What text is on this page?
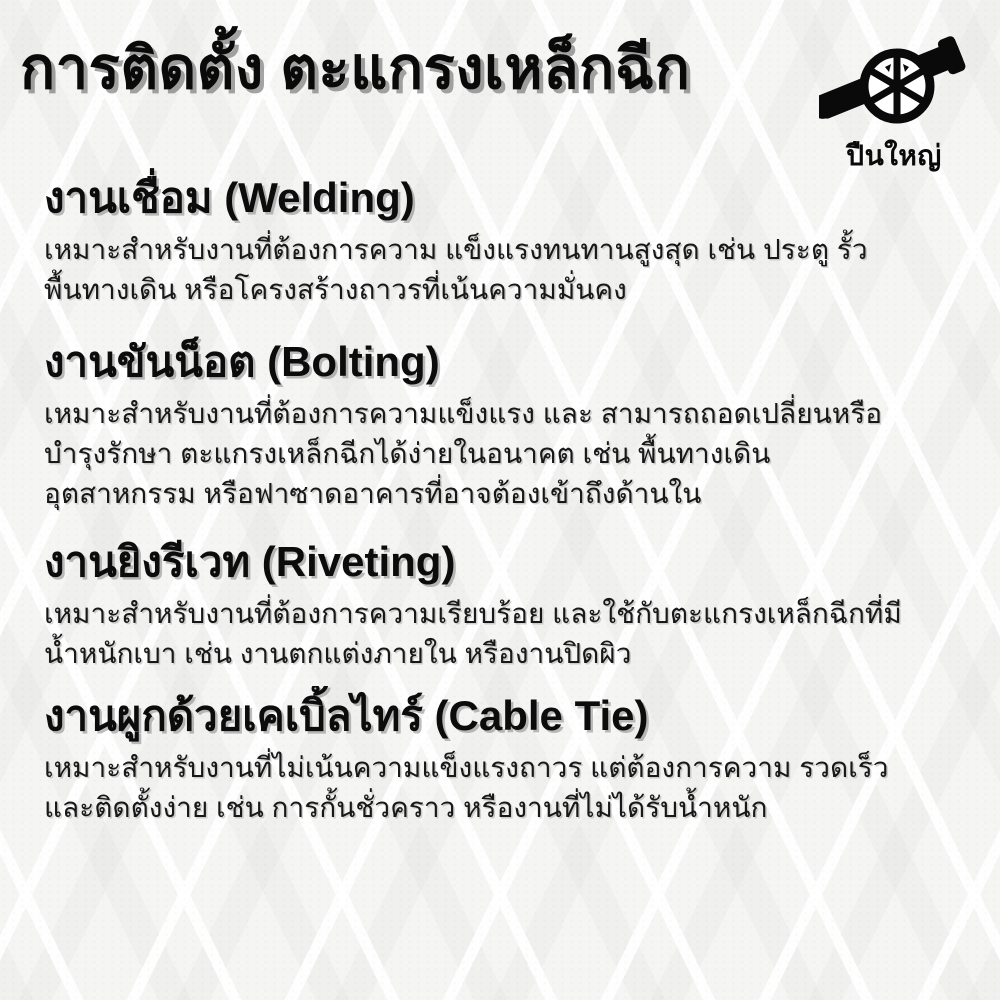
การติดตั้ง ตะแกรงเหล็กฉีก
ปืนใหญ่
งานเชื่อม (Welding)
เหมาะสำหรับงานที่ต้องการความ แข็งแรงทนทานสูงสุด เช่น ประตู รั้ว
พื้นทางเดิน หรือโครงสร้างถาวรที่เน้นความมั่นคง
งานขันน็อต (Bolting)
เหมาะสำหรับงานที่ต้องการความแข็งแรง และ สามารถถอดเปลี่ยนหรือ
บำรุงรักษา ตะแกรงเหล็กฉีกได้ง่ายในอนาคต เช่น พื้นทางเดิน
อุตสาหกรรม หรือฟาซาดอาคารที่อาจต้องเข้าถึงด้านใน
งานยิงรีเวท (Riveting)
เหมาะสำหรับงานที่ต้องการความเรียบร้อย และใช้กับตะแกรงเหล็กฉีกที่มี
น้ำหนักเบา เช่น งานตกแต่งภายใน หรืองานปิดผิว
งานผูกด้วยเคเบิ้ลไทร์ (Cable Tie)
เหมาะสำหรับงานที่ไม่เน้นความแข็งแรงถาวร แต่ต้องการความ รวดเร็ว
และติดตั้งง่าย เช่น การกั้นชั่วคราว หรืองานที่ไม่ได้รับน้ำหนัก
